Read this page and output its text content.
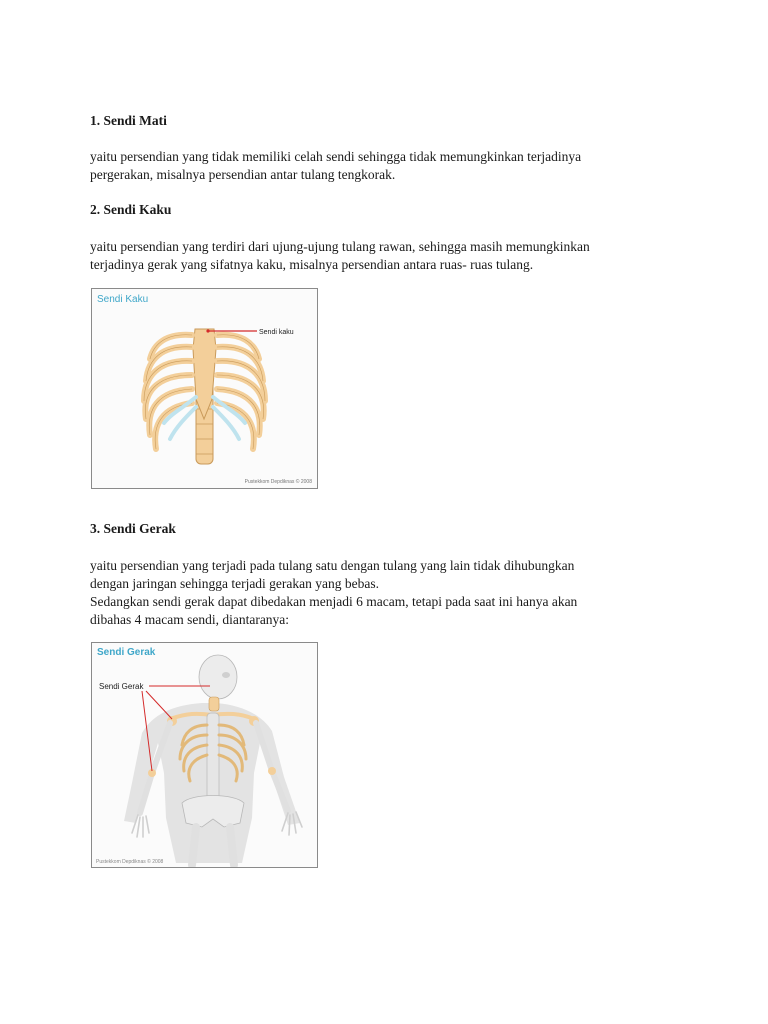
1. Sendi Mati

yaitu persendian yang tidak memiliki celah sendi sehingga tidak memungkinkan terjadinya
pergerakan, misalnya persendian antar tulang tengkorak.

2. Sendi Kaku

yaitu persendian yang terdiri dari ujung-ujung tulang rawan, sehingga masih memungkinkan
terjadinya gerak yang sifatnya kaku, misalnya persendian antara ruas- ruas tulang.

Sendi Kaku
Sendi kaku
Pustekkom Depdiknas © 2008
3. Sendi Gerak

yaitu persendian yang terjadi pada tulang satu dengan tulang yang lain tidak dihubungkan
dengan jaringan sehingga terjadi gerakan yang bebas.
Sedangkan sendi gerak dapat dibedakan menjadi 6 macam, tetapi pada saat ini hanya akan
dibahas 4 macam sendi, diantaranya:

Sendi Gerak
Sendi Gerak
Pustekkom Depdiknas © 2008
